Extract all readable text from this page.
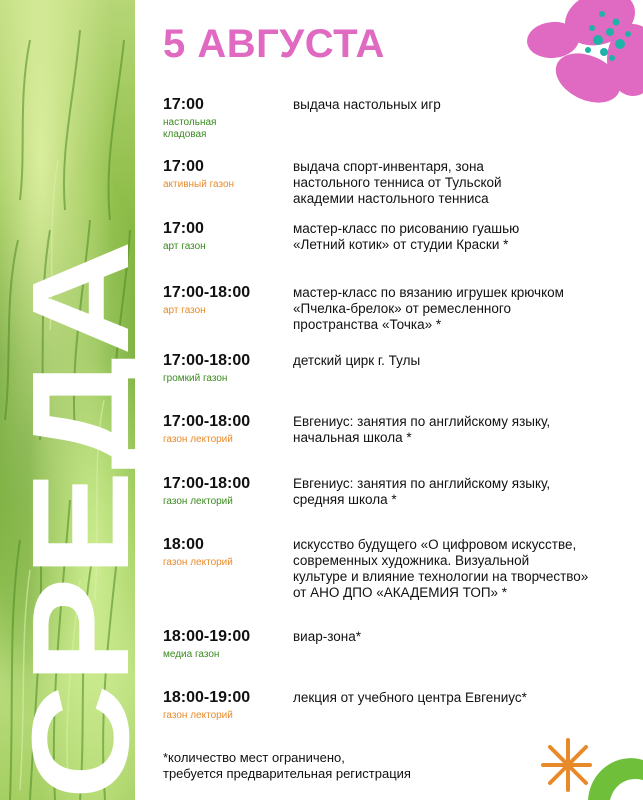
СРЕДА
5 АВГУСТА
17:00
настольная
кладовая
выдача настольных игр
17:00
активный газон
выдача спорт-инвентаря, зона
настольного тенниса от Тульской
академии настольного тенниса
17:00
арт газон
мастер-класс по рисованию гуашью
«Летний котик» от студии Краски *
17:00-18:00
арт газон
мастер-класс по вязанию игрушек крючком
«Пчелка-брелок» от ремесленного
пространства «Точка» *
17:00-18:00
громкий газон
детский цирк г. Тулы
17:00-18:00
газон лекторий
Евгениус: занятия по английскому языку,
начальная школа *
17:00-18:00
газон лекторий
Евгениус: занятия по английскому языку,
средняя школа *
18:00
газон лекторий
искусство будущего «О цифровом искусстве,
современных художника. Визуальной
культуре и влияние технологии на творчество»
от АНО ДПО «АКАДЕМИЯ ТОП» *
18:00-19:00
медиа газон
виар-зона*
18:00-19:00
газон лекторий
лекция от учебного центра Евгениус*
*количество мест ограничено,
требуется предварительная регистрация
